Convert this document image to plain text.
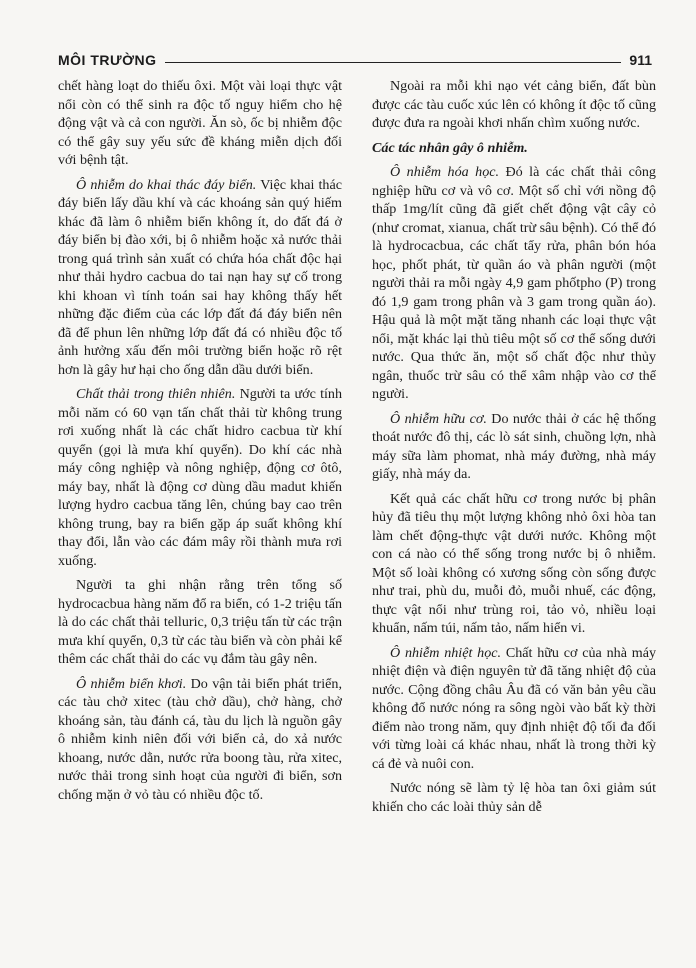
MÔI TRƯỜNG	911

chết hàng loạt do thiếu ôxi. Một vài loại thực vật nổi còn có thể sinh ra độc tố nguy hiểm cho hệ động vật và cả con người. Ăn sò, ốc bị nhiễm độc có thể gây suy yếu sức đề kháng miễn dịch đối với bệnh tật.

Ô nhiễm do khai thác đáy biển. Việc khai thác đáy biển lấy dầu khí và các khoáng sản quý hiếm khác đã làm ô nhiễm biển không ít, do đất đá ở đáy biển bị đào xới, bị ô nhiễm hoặc xả nước thải trong quá trình sản xuất có chứa hóa chất độc hại như thải hydro cacbua do tai nạn hay sự cố trong khi khoan vì tính toán sai hay không thấy hết những đặc điểm của các lớp đất đá đáy biển nên đã để phun lên những lớp đất đá có nhiều độc tố ảnh hưởng xấu đến môi trường biển hoặc rõ rệt hơn là gây hư hại cho ống dẫn dầu dưới biển.

Chất thải trong thiên nhiên. Người ta ước tính mỗi năm có 60 vạn tấn chất thải từ không trung rơi xuống nhất là các chất hidro cacbua từ khí quyển (gọi là mưa khí quyển). Do khí các nhà máy công nghiệp và nông nghiệp, động cơ ôtô, máy bay, nhất là động cơ dùng dầu madut khiến lượng hydro cacbua tăng lên, chúng bay cao trên không trung, bay ra biển gặp áp suất không khí thay đổi, lẫn vào các đám mây rồi thành mưa rơi xuống.

Người ta ghi nhận rằng trên tổng số hydrocacbua hàng năm đổ ra biển, có 1-2 triệu tấn là do các chất thải telluric, 0,3 triệu tấn từ các trận mưa khí quyển, 0,3 từ các tàu biển và còn phải kể thêm các chất thải do các vụ đắm tàu gây nên.

Ô nhiễm biển khơi. Do vận tải biển phát triển, các tàu chở xitec (tàu chở dầu), chở hàng, chở khoáng sản, tàu đánh cá, tàu du lịch là nguồn gây ô nhiễm kinh niên đối với biển cả, do xả nước khoang, nước dằn, nước rửa boong tàu, rửa xitec, nước thải trong sinh hoạt của người đi biển, sơn chống mặn ở vỏ tàu có nhiều độc tố.

Ngoài ra mỗi khi nạo vét cảng biển, đất bùn được các tàu cuốc xúc lên có không ít độc tố cũng được đưa ra ngoài khơi nhấn chìm xuống nước.

Các tác nhân gây ô nhiễm.

Ô nhiễm hóa học. Đó là các chất thải công nghiệp hữu cơ và vô cơ. Một số chỉ với nồng độ thấp 1mg/lít cũng đã giết chết động vật cây cỏ (như cromat, xianua, chất trừ sâu bệnh). Có thể đó là hydrocacbua, các chất tẩy rửa, phân bón hóa học, phốt phát, từ quần áo và phân người (một người thải ra mỗi ngày 4,9 gam phốtpho (P) trong đó 1,9 gam trong phân và 3 gam trong quần áo). Hậu quả là một mặt tăng nhanh các loại thực vật nổi, mặt khác lại thủ tiêu một số cơ thể sống dưới nước. Qua thức ăn, một số chất độc như thủy ngân, thuốc trừ sâu có thể xâm nhập vào cơ thể người.

Ô nhiễm hữu cơ. Do nước thải ở các hệ thống thoát nước đô thị, các lò sát sinh, chuồng lợn, nhà máy sữa làm phomat, nhà máy đường, nhà máy giấy, nhà máy da.

Kết quả các chất hữu cơ trong nước bị phân hủy đã tiêu thụ một lượng không nhỏ ôxi hòa tan làm chết động-thực vật dưới nước. Không một con cá nào có thể sống trong nước bị ô nhiễm. Một số loài không có xương sống còn sống được như trai, phù du, muỗi đỏ, muỗi nhuế, các động, thực vật nổi như trùng roi, tảo vỏ, nhiều loại khuẩn, nấm túi, nấm tảo, nấm hiển vi.

Ô nhiễm nhiệt học. Chất hữu cơ của nhà máy nhiệt điện và điện nguyên tử đã tăng nhiệt độ của nước. Cộng đồng châu Âu đã có văn bản yêu cầu không đổ nước nóng ra sông ngòi vào bất kỳ thời điểm nào trong năm, quy định nhiệt độ tối đa đối với từng loài cá khác nhau, nhất là trong thời kỳ cá đẻ và nuôi con.

Nước nóng sẽ làm tỷ lệ hòa tan ôxi giảm sút khiến cho các loài thủy sản dễ
